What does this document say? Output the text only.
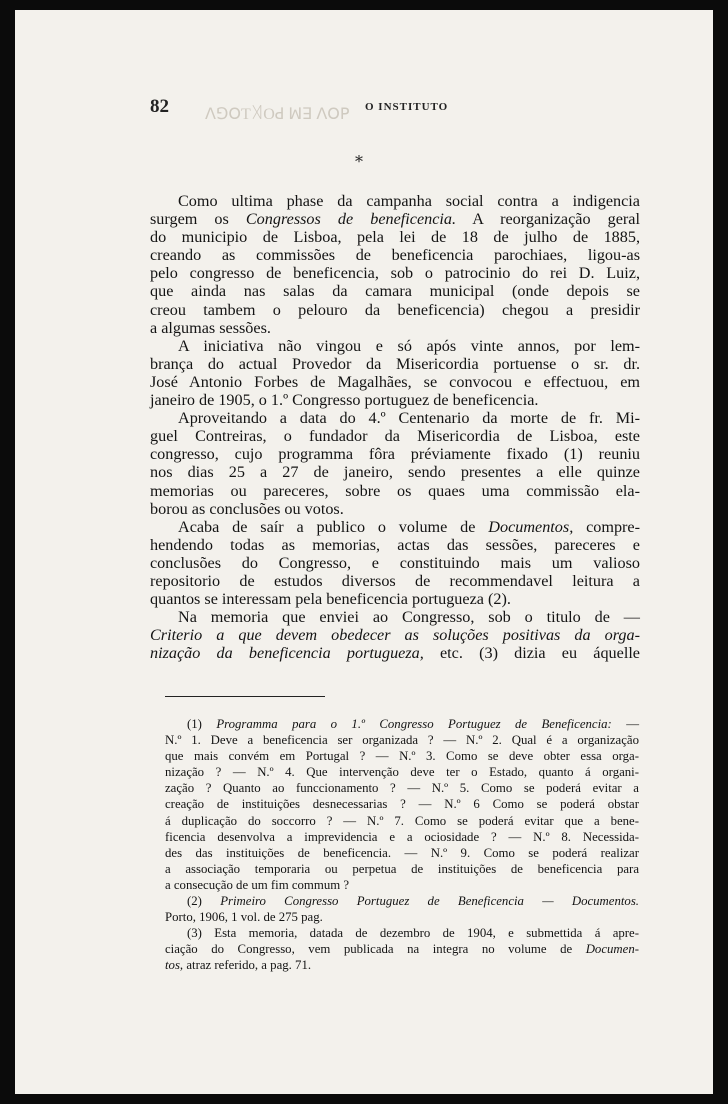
ꓥꓨꓳT꓀Oꓒ ꟽꓱ ꓥꓳꓑ
82	O INSTITUTO
*
Como ultima phase da campanha social contra a indigencia
surgem os Congressos de beneficencia. A reorganização geral
do municipio de Lisboa, pela lei de 18 de julho de 1885,
creando as commissões de beneficencia parochiaes, ligou-as
pelo congresso de beneficencia, sob o patrocinio do rei D. Luiz,
que ainda nas salas da camara municipal (onde depois se
creou tambem o pelouro da beneficencia) chegou a presidir
a algumas sessões.
A iniciativa não vingou e só após vinte annos, por lem-
brança do actual Provedor da Misericordia portuense o sr. dr.
José Antonio Forbes de Magalhães, se convocou e effectuou, em
janeiro de 1905, o 1.º Congresso portuguez de beneficencia.
Aproveitando a data do 4.º Centenario da morte de fr. Mi-
guel Contreiras, o fundador da Misericordia de Lisboa, este
congresso, cujo programma fôra préviamente fixado (1) reuniu
nos dias 25 a 27 de janeiro, sendo presentes a elle quinze
memorias ou pareceres, sobre os quaes uma commissão ela-
borou as conclusões ou votos.
Acaba de saír a publico o volume de Documentos, compre-
hendendo todas as memorias, actas das sessões, pareceres e
conclusões do Congresso, e constituindo mais um valioso
repositorio de estudos diversos de recommendavel leitura a
quantos se interessam pela beneficencia portugueza (2).
Na memoria que enviei ao Congresso, sob o titulo de —
Criterio a que devem obedecer as soluções positivas da orga-
nização da beneficencia portugueza, etc. (3) dizia eu áquelle
(1) Programma para o 1.º Congresso Portuguez de Beneficencia: —
N.º 1. Deve a beneficencia ser organizada ? — N.º 2. Qual é a organização
que mais convém em Portugal ? — N.º 3. Como se deve obter essa orga-
nização ? — N.º 4. Que intervenção deve ter o Estado, quanto á organi-
zação ? Quanto ao funccionamento ? — N.º 5. Como se poderá evitar a
creação de instituições desnecessarias ? — N.º 6 Como se poderá obstar
á duplicação do soccorro ? — N.º 7. Como se poderá evitar que a bene-
ficencia desenvolva a imprevidencia e a ociosidade ? — N.º 8. Necessida-
des das instituições de beneficencia. — N.º 9. Como se poderá realizar
a associação temporaria ou perpetua de instituições de beneficencia para
a consecução de um fim commum ?
(2) Primeiro Congresso Portuguez de Beneficencia — Documentos.
Porto, 1906, 1 vol. de 275 pag.
(3) Esta memoria, datada de dezembro de 1904, e submettida á apre-
ciação do Congresso, vem publicada na integra no volume de Documen-
tos, atraz referido, a pag. 71.
